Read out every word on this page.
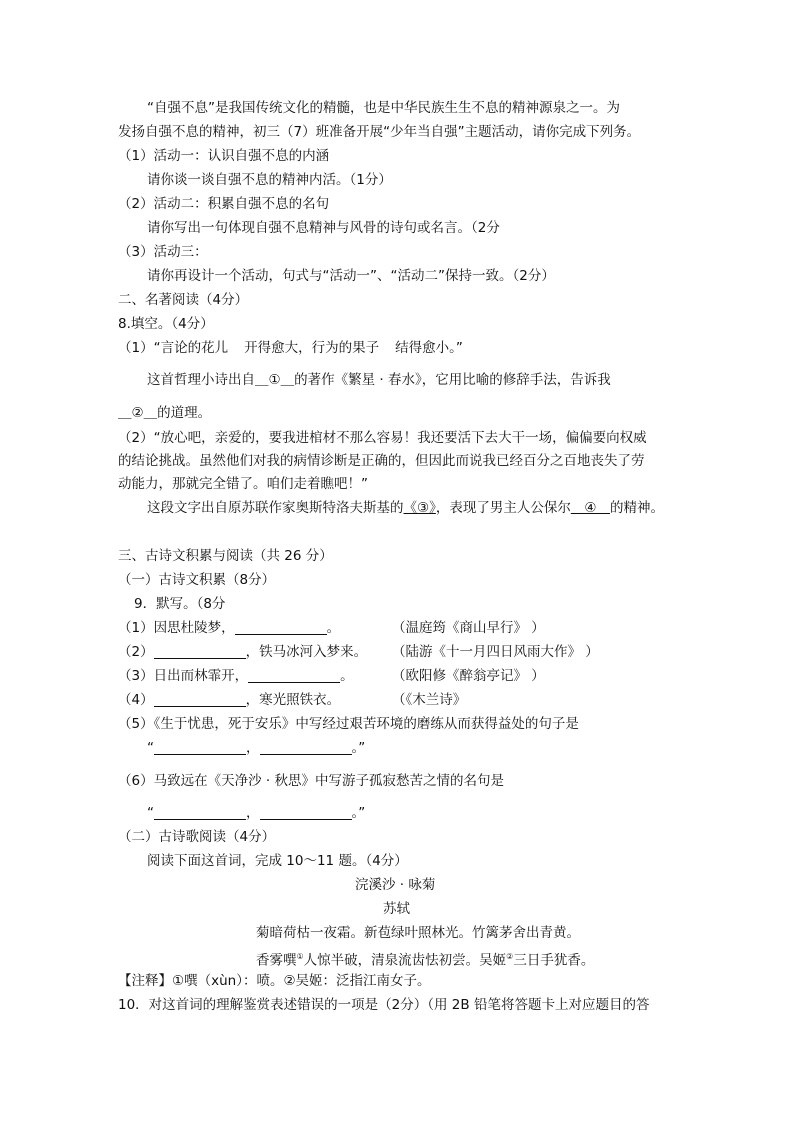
“自强不息”是我国传统文化的精髓，也是中华民族生生不息的精神源泉之一。为
发扬自强不息的精神，初三（7）班准备开展“少年当自强”主题活动，请你完成下列务。
（1）活动一：认识自强不息的内涵
请你谈一谈自强不息的精神内活。（1分）
（2）活动二：积累自强不息的名句
请你写出一句体现自强不息精神与风骨的诗句或名言。（2分
（3）活动三：
请你再设计一个活动，句式与“活动一”、“活动二”保持一致。（2分）
二、名著阅读（4分）
8.填空。（4分）
（1）“言论的花儿 开得愈大，行为的果子 结得愈小。”
这首哲理小诗出自＿①＿的著作《繁星 · 春水》，它用比喻的修辞手法，告诉我
＿②＿的道理。
（2）“放心吧，亲爱的，要我进棺材不那么容易！我还要活下去大干一场，偏偏要向权威
的结论挑战。虽然他们对我的病情诊断是正确的，但因此而说我已经百分之百地丧失了劳
动能力，那就完全错了。咱们走着瞧吧！”
这段文字出自原苏联作家奥斯特洛夫斯基的《③》，表现了男主人公保尔＿④＿的精神。
三、古诗文积累与阅读（共 26 分）
（一）古诗文积累（8分）
9．默写。（8分
（1）因思杜陵梦，	。	（温庭筠《商山早行》 ）
（2）	，铁马冰河入梦来。 （陆游《十一月四日风雨大作》 ）
（3）日出而林霏开，	。	（欧阳修《醉翁亭记》 ）
（4）	，寒光照铁衣。	（《木兰诗》
（5）《生于忧患，死于安乐》中写经过艰苦环境的磨练从而获得益处的句子是
“	，	。”
（6）马致远在《天净沙 · 秋思》中写游子孤寂愁苦之情的名句是
“	，	。”
（二）古诗歌阅读（4分）
阅读下面这首词，完成 10～11 题。（4分）
浣溪沙 · 咏菊
苏轼
菊暗荷枯一夜霜。新苞绿叶照林光。竹篱茅舍出青黄。
香雾噀①人惊半破，清泉流齿怯初尝。吴姬②三日手犹香。
【注释】①噀（xùn）：喷。②吴姬：泛指江南女子。
10．对这首词的理解鉴赏表述错误的一项是（2分）（用 2B 铅笔将答题卡上对应题目的答
